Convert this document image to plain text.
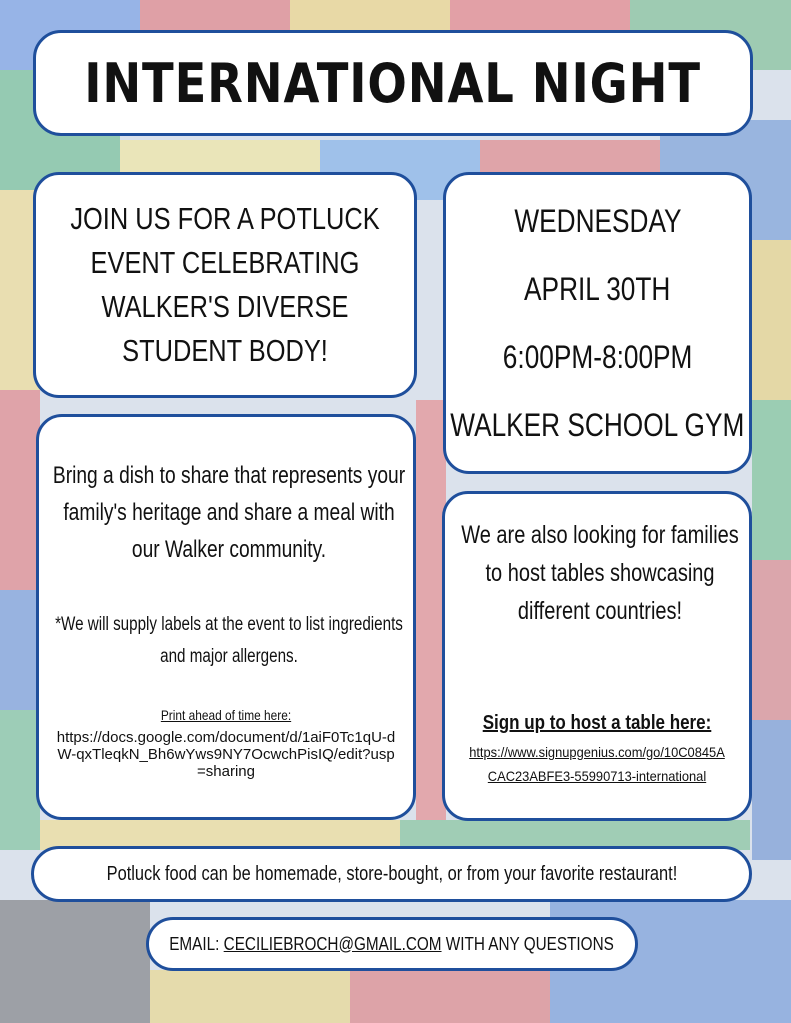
INTERNATIONAL NIGHT

JOIN US FOR A POTLUCK
EVENT CELEBRATING
WALKER'S DIVERSE
STUDENT BODY!

WEDNESDAY
APRIL 30TH
6:00PM-8:00PM
WALKER SCHOOL GYM
Bring a dish to share that represents your family's heritage and share a meal with our Walker community.
*We will supply labels at the event to list ingredients and major allergens.
Print ahead of time here:
https://docs.google.com/document/d/1aiF0Tc1qU-dW-qxTleqkN_Bh6wYws9NY7OcwchPisIQ/edit?usp=sharing
We are also looking for families to host tables showcasing different countries!
Sign up to host a table here:
https://www.signupgenius.com/go/10C0845ACAC23ABFE3-55990713-international

Potluck food can be homemade, store-bought, or from your favorite restaurant!

EMAIL: CECILIEBROCH@GMAIL.COM WITH ANY QUESTIONS
